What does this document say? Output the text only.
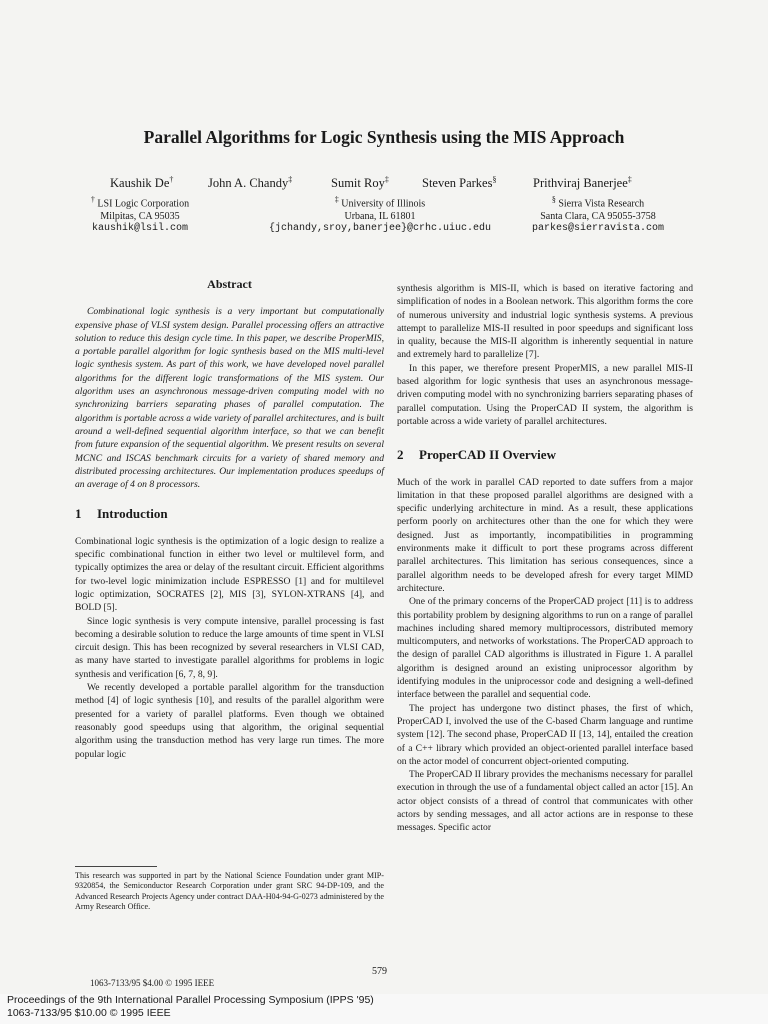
Parallel Algorithms for Logic Synthesis using the MIS Approach
Kaushik De†	John A. Chandy‡	Sumit Roy‡	Steven Parkes§	Prithviraj Banerjee‡
† LSI Logic Corporation
Milpitas, CA 95035
kaushik@lsil.com
‡ University of Illinois
Urbana, IL 61801
{jchandy,sroy,banerjee}@crhc.uiuc.edu
§ Sierra Vista Research
Santa Clara, CA 95055-3758
parkes@sierravista.com
Abstract

Combinational logic synthesis is a very important but computationally expensive phase of VLSI system design. Parallel processing offers an attractive solution to reduce this design cycle time. In this paper, we describe ProperMIS, a portable parallel algorithm for logic synthesis based on the MIS multi-level logic synthesis system. As part of this work, we have developed novel parallel algorithms for the different logic transformations of the MIS system. Our algorithm uses an asynchronous message-driven computing model with no synchronizing barriers separating phases of parallel computation. The algorithm is portable across a wide variety of parallel architectures, and is built around a well-defined sequential algorithm interface, so that we can benefit from future expansion of the sequential algorithm. We present results on several MCNC and ISCAS benchmark circuits for a variety of shared memory and distributed processing architectures. Our implementation produces speedups of an average of 4 on 8 processors.

1 Introduction

Combinational logic synthesis is the optimization of a logic design to realize a specific combinational function in either two level or multilevel form, and typically optimizes the area or delay of the resultant circuit. Efficient algorithms for two-level logic minimization include ESPRESSO [1] and for multilevel logic optimization, SOCRATES [2], MIS [3], SYLON-XTRANS [4], and BOLD [5].

Since logic synthesis is very compute intensive, parallel processing is fast becoming a desirable solution to reduce the large amounts of time spent in VLSI circuit design. This has been recognized by several researchers in VLSI CAD, as many have started to investigate parallel algorithms for problems in logic synthesis and verification [6, 7, 8, 9].

We recently developed a portable parallel algorithm for the transduction method [4] of logic synthesis [10], and results of the parallel algorithm were presented for a variety of parallel platforms. Even though we obtained reasonably good speedups using that algorithm, the original sequential algorithm using the transduction method has very large run times. The more popular logic

This research was supported in part by the National Science Foundation under grant MIP-9320854, the Semiconductor Research Corporation under grant SRC 94-DP-109, and the Advanced Research Projects Agency under contract DAA-H04-94-G-0273 administered by the Army Research Office.

synthesis algorithm is MIS-II, which is based on iterative factoring and simplification of nodes in a Boolean network. This algorithm forms the core of numerous university and industrial logic synthesis systems. A previous attempt to parallelize MIS-II resulted in poor speedups and significant loss in quality, because the MIS-II algorithm is inherently sequential in nature and extremely hard to parallelize [7].

In this paper, we therefore present ProperMIS, a new parallel MIS-II based algorithm for logic synthesis that uses an asynchronous message-driven computing model with no synchronizing barriers separating phases of parallel computation. Using the ProperCAD II system, the algorithm is portable across a wide variety of parallel architectures.

2 ProperCAD II Overview

Much of the work in parallel CAD reported to date suffers from a major limitation in that these proposed parallel algorithms are designed with a specific underlying architecture in mind. As a result, these applications perform poorly on architectures other than the one for which they were designed. Just as importantly, incompatibilities in programming environments make it difficult to port these programs across different parallel architectures. This limitation has serious consequences, since a parallel algorithm needs to be developed afresh for every target MIMD architecture.

One of the primary concerns of the ProperCAD project [11] is to address this portability problem by designing algorithms to run on a range of parallel machines including shared memory multiprocessors, distributed memory multicomputers, and networks of workstations. The ProperCAD approach to the design of parallel CAD algorithms is illustrated in Figure 1. A parallel algorithm is designed around an existing uniprocessor algorithm by identifying modules in the uniprocessor code and designing a well-defined interface between the parallel and sequential code.

The project has undergone two distinct phases, the first of which, ProperCAD I, involved the use of the C-based Charm language and runtime system [12]. The second phase, ProperCAD II [13, 14], entailed the creation of a C++ library which provided an object-oriented parallel interface based on the actor model of concurrent object-oriented computing.

The ProperCAD II library provides the mechanisms necessary for parallel execution in through the use of a fundamental object called an actor [15]. An actor object consists of a thread of control that communicates with other actors by sending messages, and all actor actions are in response to these messages. Specific actor

579
1063-7133/95 $4.00 © 1995 IEEE
Proceedings of the 9th International Parallel Processing Symposium (IPPS '95)
1063-7133/95 $10.00 © 1995 IEEE
